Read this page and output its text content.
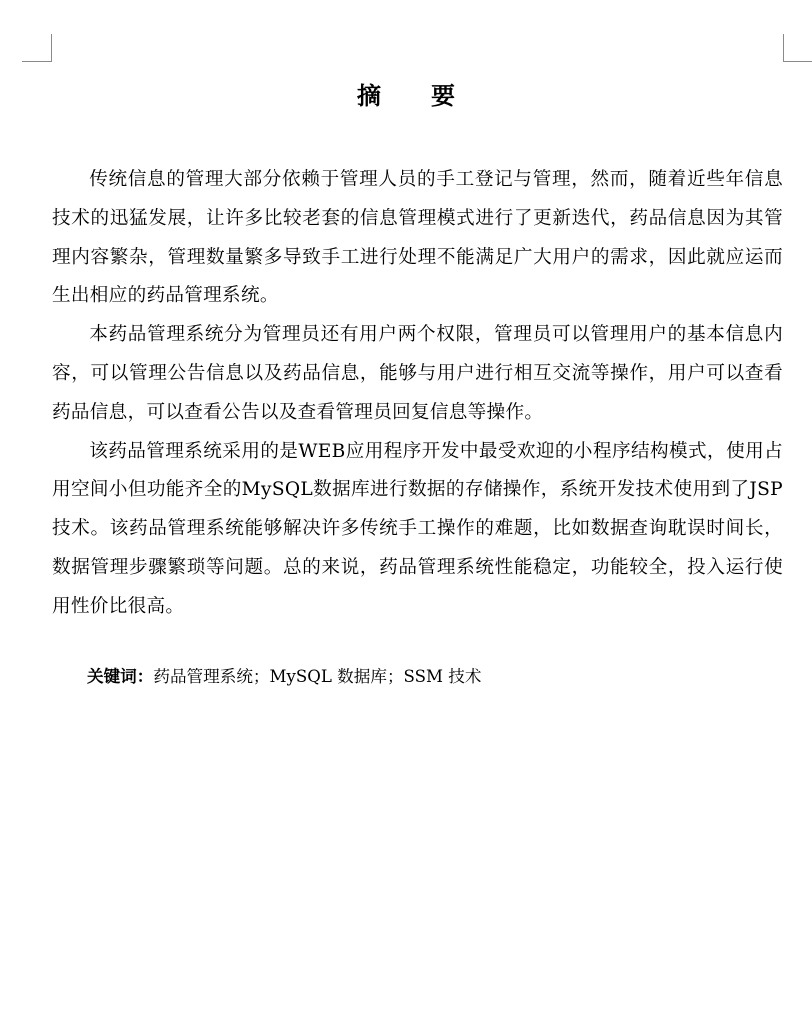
摘 要

传统信息的管理大部分依赖于管理人员的手工登记与管理，然而，随着近些年信息技术的迅猛发展，让许多比较老套的信息管理模式进行了更新迭代，药品信息因为其管理内容繁杂，管理数量繁多导致手工进行处理不能满足广大用户的需求，因此就应运而生出相应的药品管理系统。

本药品管理系统分为管理员还有用户两个权限，管理员可以管理用户的基本信息内容，可以管理公告信息以及药品信息，能够与用户进行相互交流等操作，用户可以查看药品信息，可以查看公告以及查看管理员回复信息等操作。

该药品管理系统采用的是WEB应用程序开发中最受欢迎的小程序结构模式，使用占用空间小但功能齐全的MySQL数据库进行数据的存储操作，系统开发技术使用到了JSP技术。该药品管理系统能够解决许多传统手工操作的难题，比如数据查询耽误时间长，数据管理步骤繁琐等问题。总的来说，药品管理系统性能稳定，功能较全，投入运行使用性价比很高。

关键词：药品管理系统；MySQL 数据库；SSM 技术
